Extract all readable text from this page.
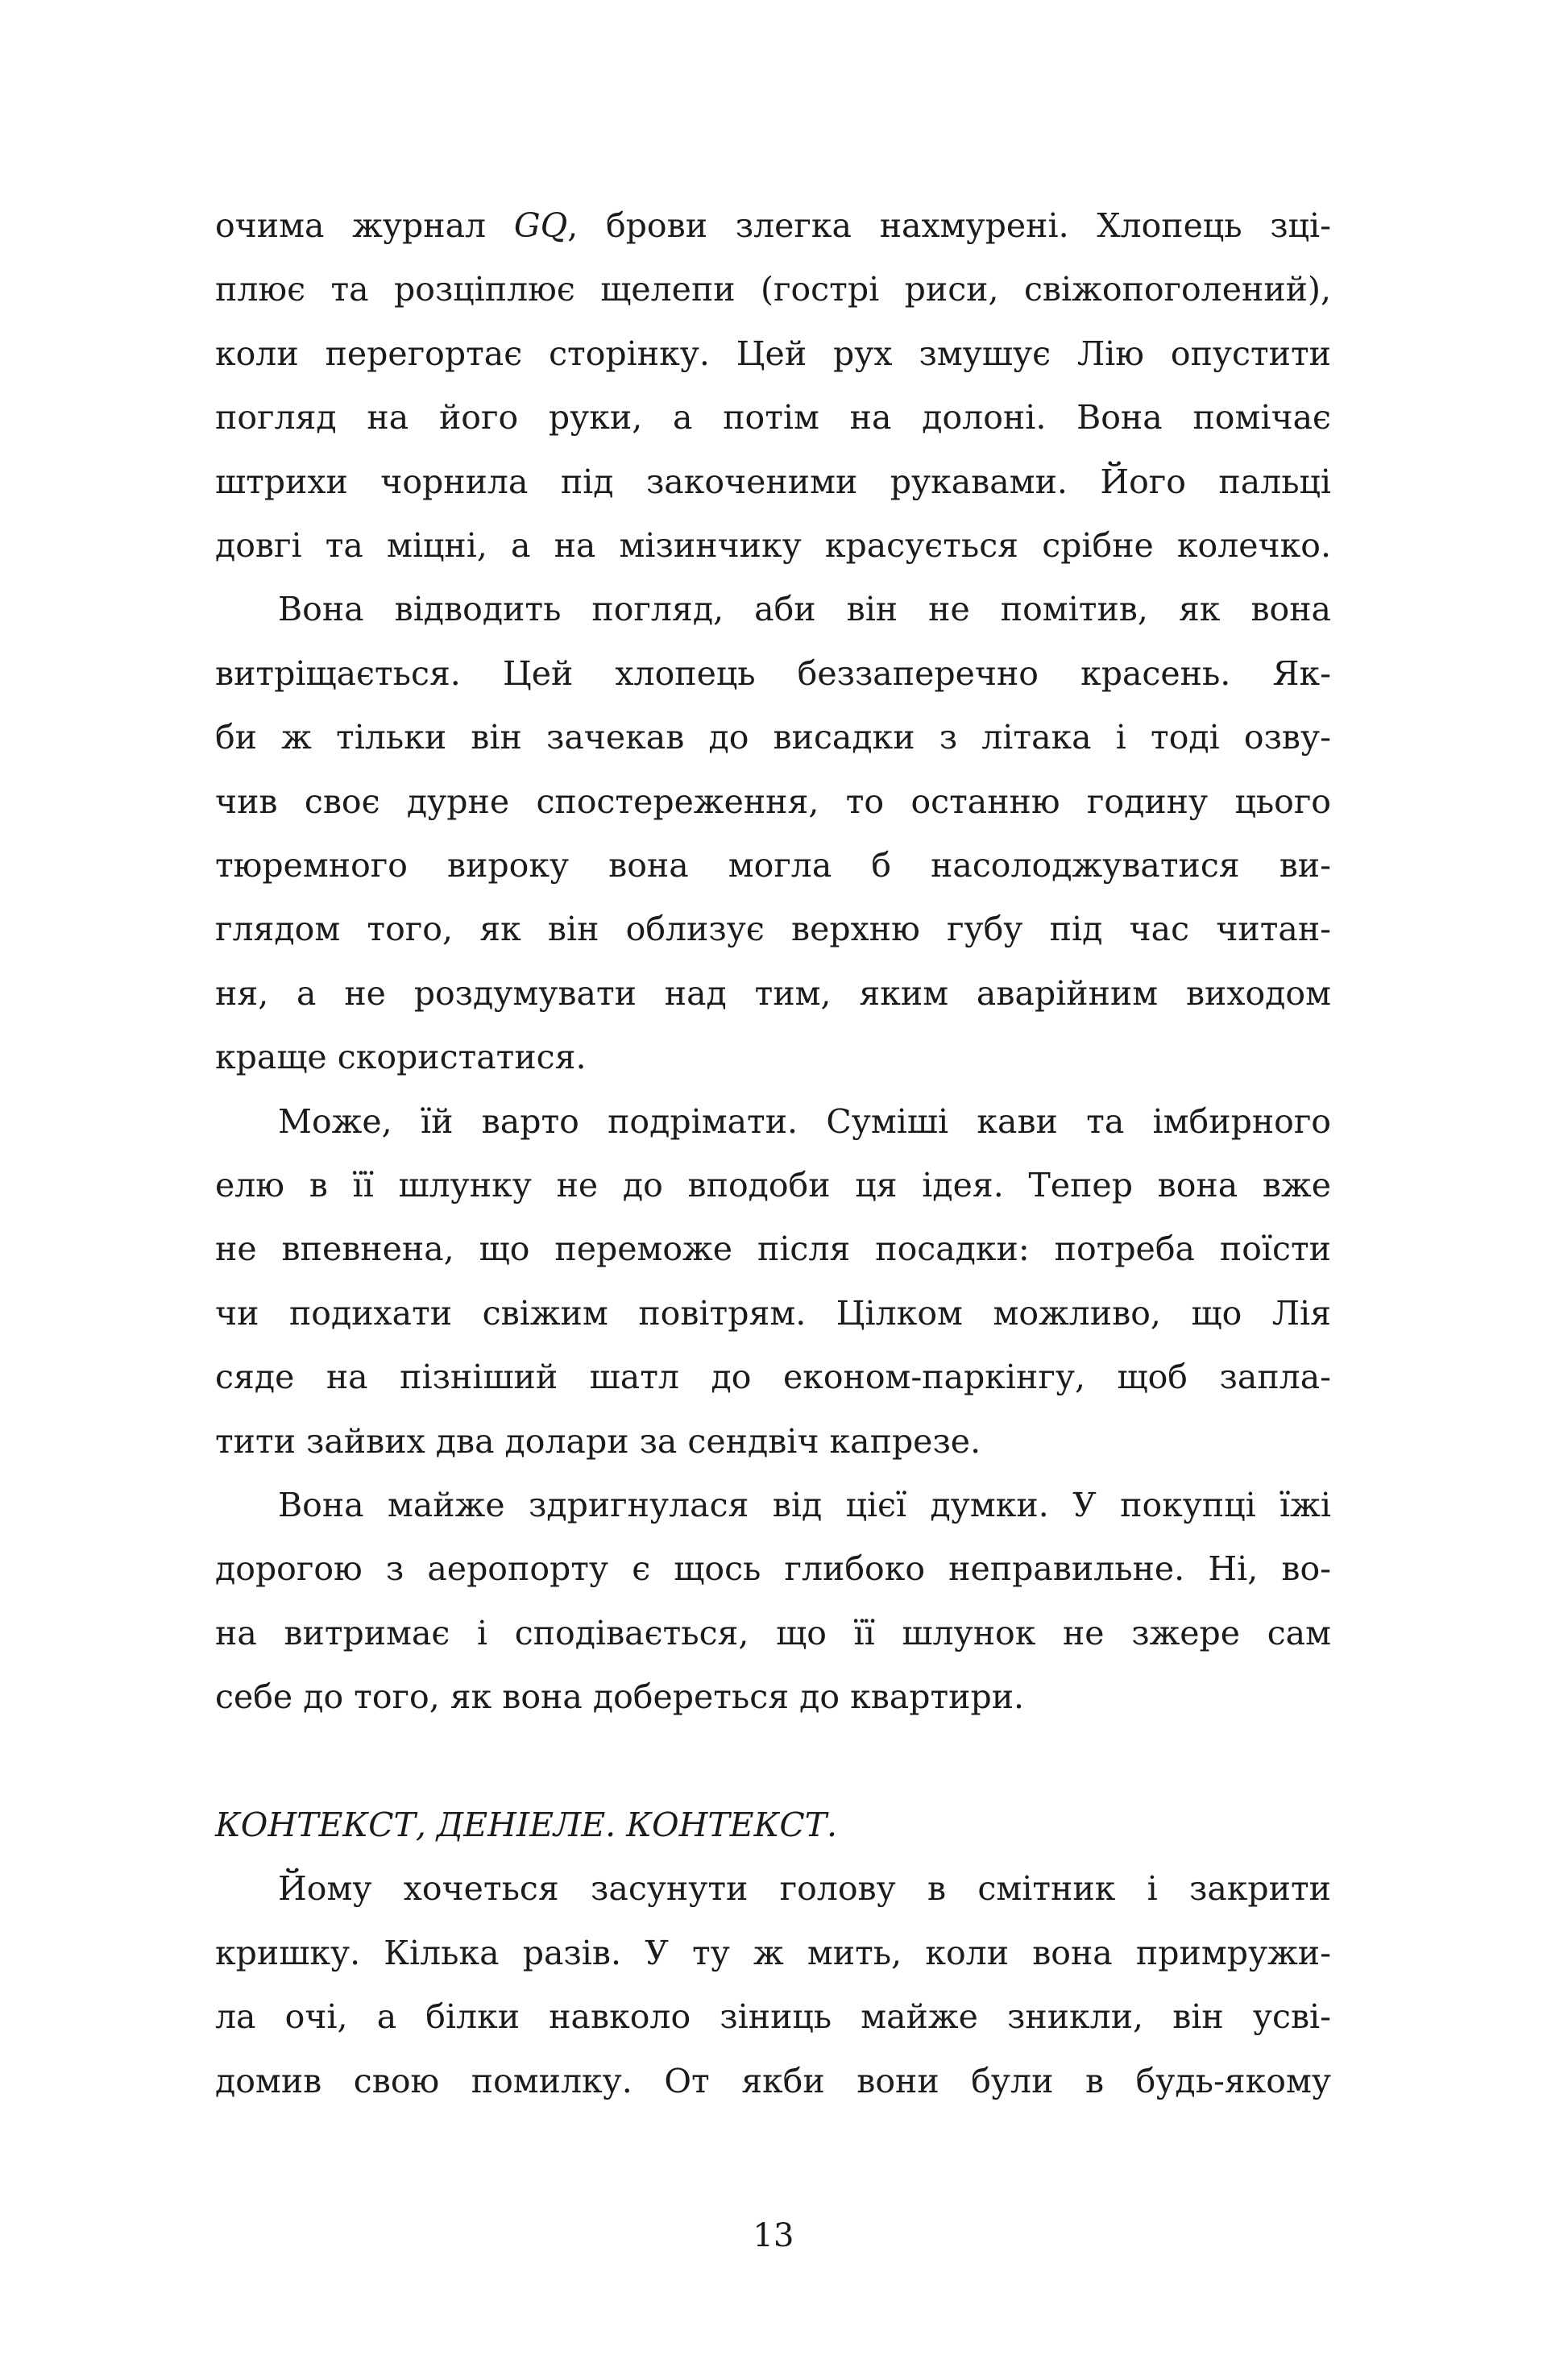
очима журнал GQ, брови злегка нахмурені. Хлопець зці-
плює та розціплює щелепи (гострі риси, свіжопоголений),
коли перегортає сторінку. Цей рух змушує Лію опустити
погляд на його руки, а потім на долоні. Вона помічає
штрихи чорнила під закоченими рукавами. Його пальці
довгі та міцні, а на мізинчику красується срібне колечко.
Вона відводить погляд, аби він не помітив, як вона
витріщається. Цей хлопець беззаперечно красень. Як-
би ж тільки він зачекав до висадки з літака і тоді озву-
чив своє дурне спостереження, то останню годину цього
тюремного вироку вона могла б насолоджуватися ви-
глядом того, як він облизує верхню губу під час читан-
ня, а не роздумувати над тим, яким аварійним виходом
краще скористатися.
Може, їй варто подрімати. Суміші кави та імбирного
елю в її шлунку не до вподоби ця ідея. Тепер вона вже
не впевнена, що переможе після посадки: потреба поїсти
чи подихати свіжим повітрям. Цілком можливо, що Лія
сяде на пізніший шатл до економ-паркінгу, щоб запла-
тити зайвих два долари за сендвіч капрезе.
Вона майже здригнулася від цієї думки. У покупці їжі
дорогою з аеропорту є щось глибоко неправильне. Ні, во-
на витримає і сподівається, що її шлунок не зжере сам
себе до того, як вона добереться до квартири.
КОНТЕКСТ, ДЕНІЕЛЕ. КОНТЕКСТ.
Йому хочеться засунути голову в смітник і закрити
кришку. Кілька разів. У ту ж мить, коли вона примружи-
ла очі, а білки навколо зіниць майже зникли, він усві-
домив свою помилку. От якби вони були в будь-якому
13
